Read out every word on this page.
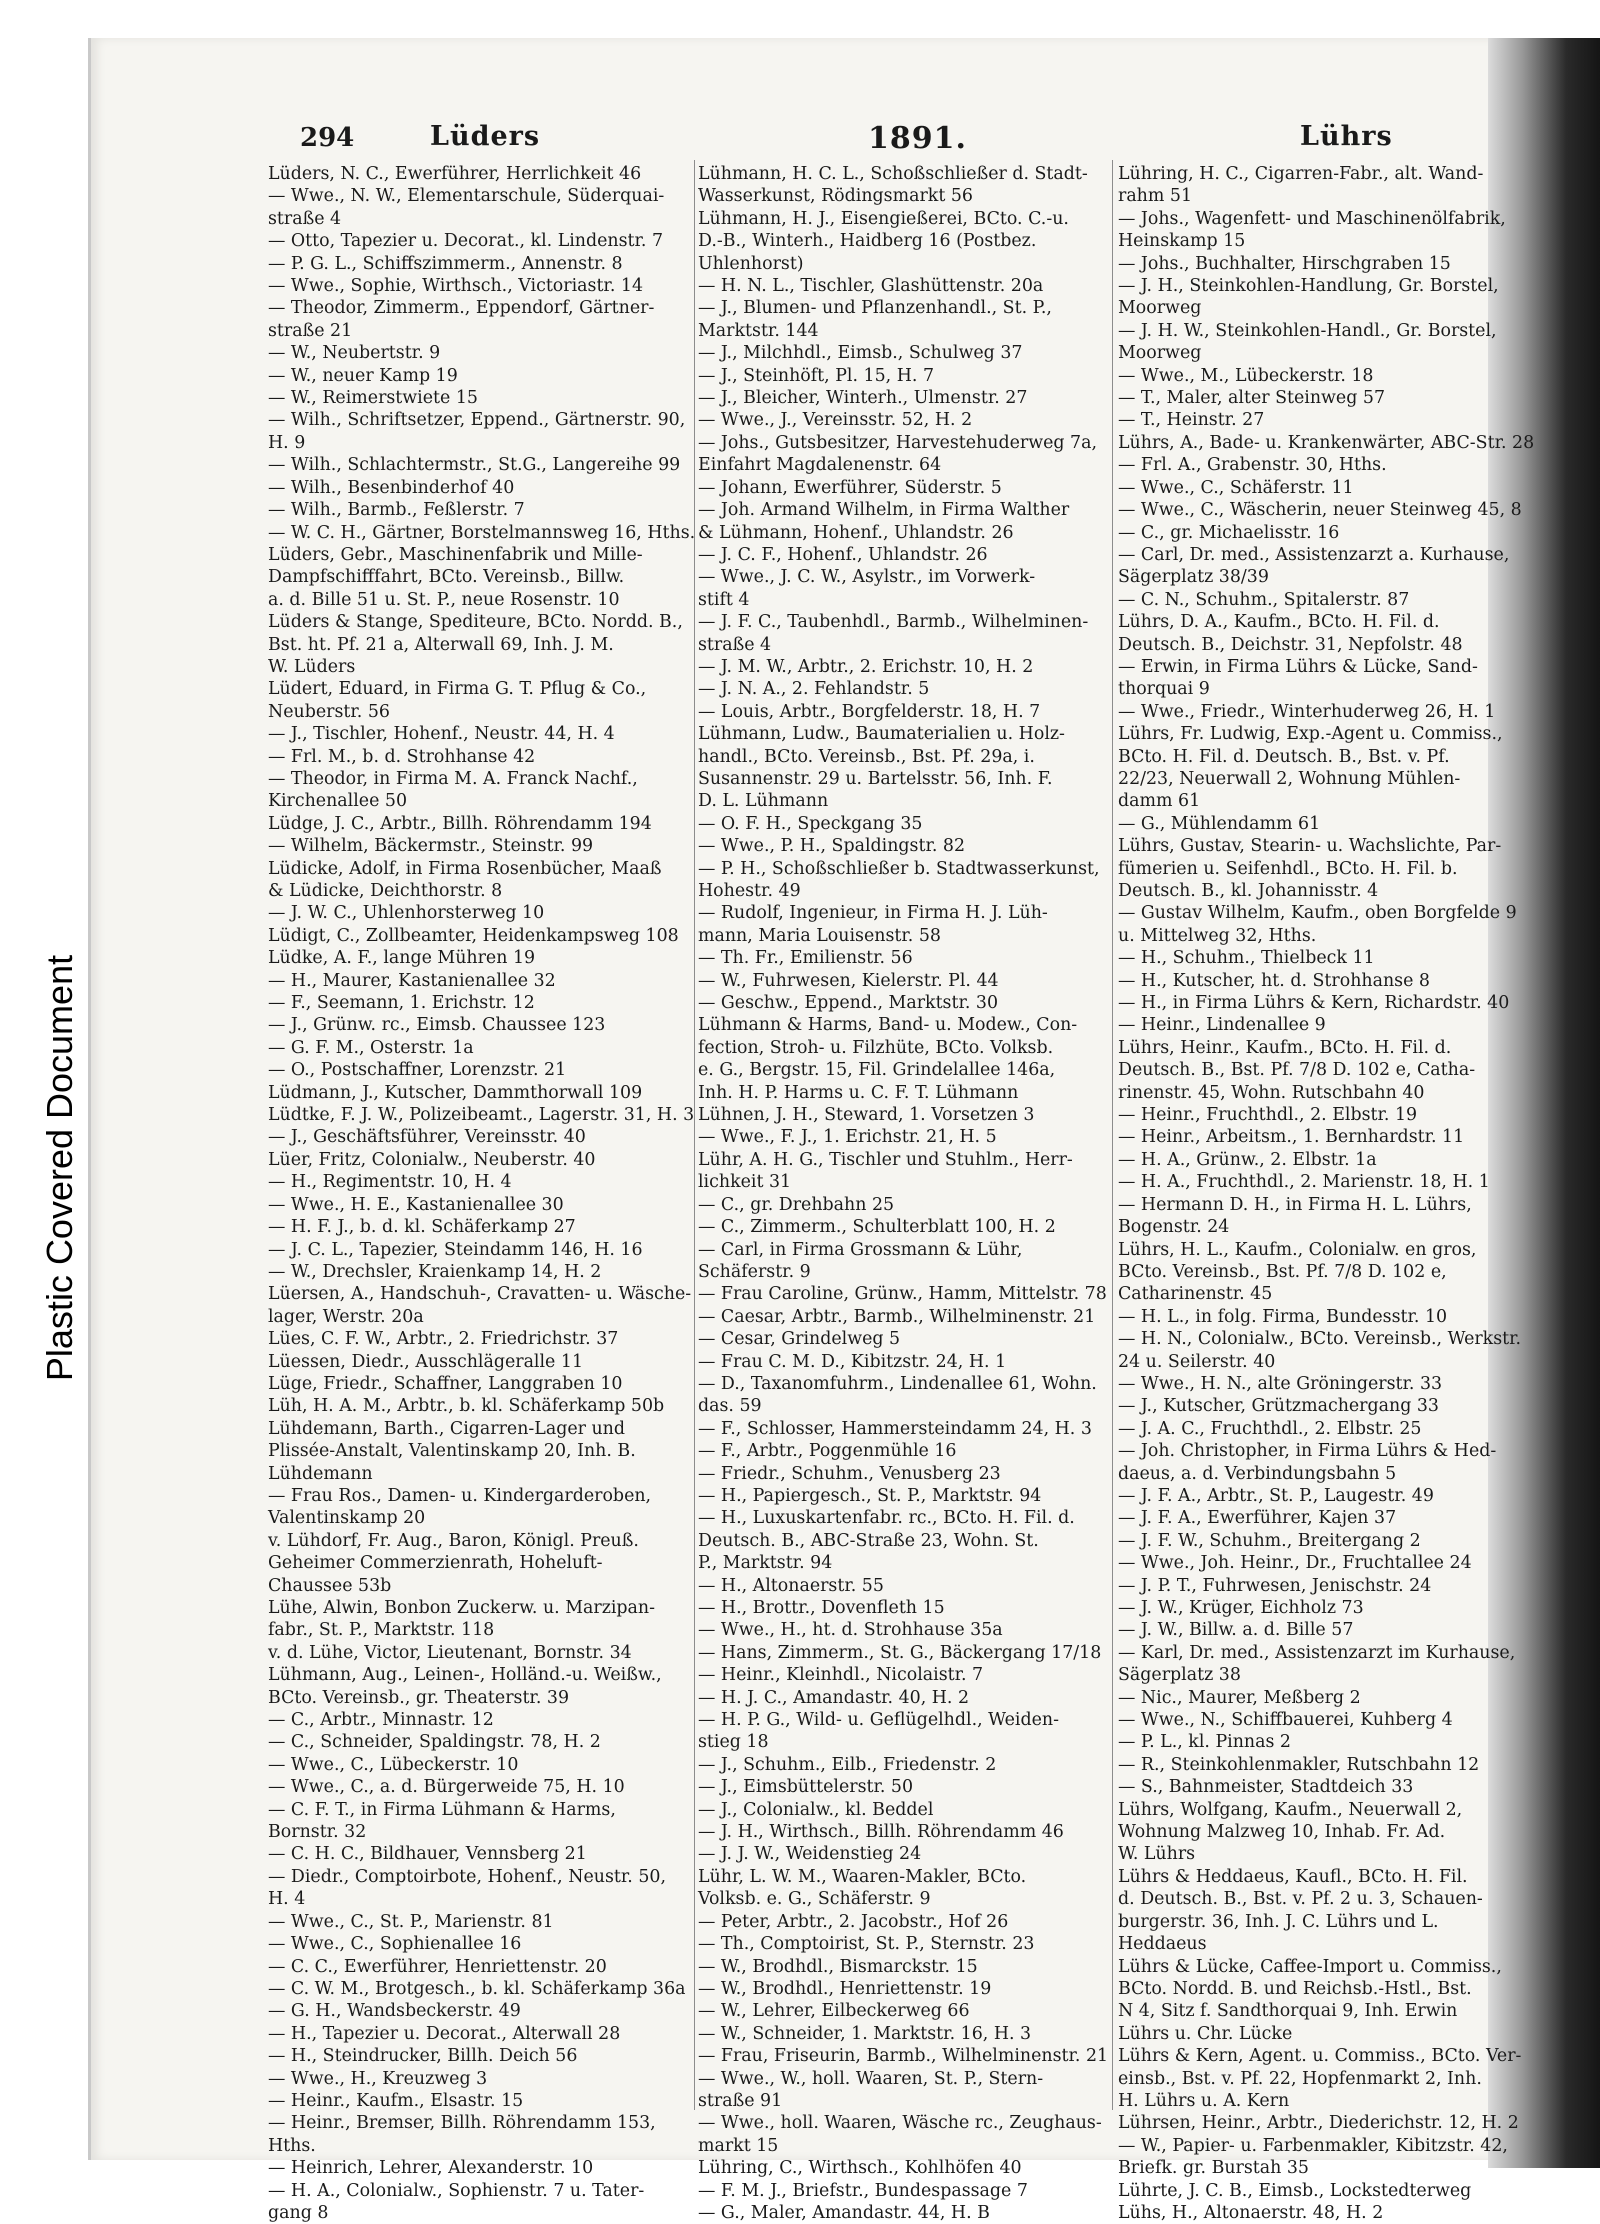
Plastic Covered Document
294	Lüders	1891.	Lührs
Lüders, N. C., Ewerführer, Herrlichkeit 46
— Wwe., N. W., Elementarschule, Süderquai-
straße 4
— Otto, Tapezier u. Decorat., kl. Lindenstr. 7
— P. G. L., Schiffszimmerm., Annenstr. 8
— Wwe., Sophie, Wirthsch., Victoriastr. 14
— Theodor, Zimmerm., Eppendorf, Gärtner-
straße 21
— W., Neubertstr. 9
— W., neuer Kamp 19
— W., Reimerstwiete 15
— Wilh., Schriftsetzer, Eppend., Gärtnerstr. 90,
H. 9
— Wilh., Schlachtermstr., St.G., Langereihe 99
— Wilh., Besenbinderhof 40
— Wilh., Barmb., Feßlerstr. 7
— W. C. H., Gärtner, Borstelmannsweg 16, Hths.
Lüders, Gebr., Maschinenfabrik und Mille-
Dampfschifffahrt, BCto. Vereinsb., Billw.
a. d. Bille 51 u. St. P., neue Rosenstr. 10
Lüders & Stange, Spediteure, BCto. Nordd. B.,
Bst. ht. Pf. 21 a, Alterwall 69, Inh. J. M.
W. Lüders
Lüdert, Eduard, in Firma G. T. Pflug & Co.,
Neuberstr. 56
— J., Tischler, Hohenf., Neustr. 44, H. 4
— Frl. M., b. d. Strohhanse 42
— Theodor, in Firma M. A. Franck Nachf.,
Kirchenallee 50
Lüdge, J. C., Arbtr., Billh. Röhrendamm 194
— Wilhelm, Bäckermstr., Steinstr. 99
Lüdicke, Adolf, in Firma Rosenbücher, Maaß
& Lüdicke, Deichthorstr. 8
— J. W. C., Uhlenhorsterweg 10
Lüdigt, C., Zollbeamter, Heidenkampsweg 108
Lüdke, A. F., lange Mühren 19
— H., Maurer, Kastanienallee 32
— F., Seemann, 1. Erichstr. 12
— J., Grünw. rc., Eimsb. Chaussee 123
— G. F. M., Osterstr. 1a
— O., Postschaffner, Lorenzstr. 21
Lüdmann, J., Kutscher, Dammthorwall 109
Lüdtke, F. J. W., Polizeibeamt., Lagerstr. 31, H. 3
— J., Geschäftsführer, Vereinsstr. 40
Lüer, Fritz, Colonialw., Neuberstr. 40
— H., Regimentstr. 10, H. 4
— Wwe., H. E., Kastanienallee 30
— H. F. J., b. d. kl. Schäferkamp 27
— J. C. L., Tapezier, Steindamm 146, H. 16
— W., Drechsler, Kraienkamp 14, H. 2
Lüersen, A., Handschuh-, Cravatten- u. Wäsche-
lager, Werstr. 20a
Lües, C. F. W., Arbtr., 2. Friedrichstr. 37
Lüessen, Diedr., Ausschlägeralle 11
Lüge, Friedr., Schaffner, Langgraben 10
Lüh, H. A. M., Arbtr., b. kl. Schäferkamp 50b
Lühdemann, Barth., Cigarren-Lager und
Plissée-Anstalt, Valentinskamp 20, Inh. B.
Lühdemann
— Frau Ros., Damen- u. Kindergarderoben,
Valentinskamp 20
v. Lühdorf, Fr. Aug., Baron, Königl. Preuß.
Geheimer Commerzienrath, Hoheluft-
Chaussee 53b
Lühe, Alwin, Bonbon Zuckerw. u. Marzipan-
fabr., St. P., Marktstr. 118
v. d. Lühe, Victor, Lieutenant, Bornstr. 34
Lühmann, Aug., Leinen-, Holländ.-u. Weißw.,
BCto. Vereinsb., gr. Theaterstr. 39
— C., Arbtr., Minnastr. 12
— C., Schneider, Spaldingstr. 78, H. 2
— Wwe., C., Lübeckerstr. 10
— Wwe., C., a. d. Bürgerweide 75, H. 10
— C. F. T., in Firma Lühmann & Harms,
Bornstr. 32
— C. H. C., Bildhauer, Vennsberg 21
— Diedr., Comptoirbote, Hohenf., Neustr. 50,
H. 4
— Wwe., C., St. P., Marienstr. 81
— Wwe., C., Sophienallee 16
— C. C., Ewerführer, Henriettenstr. 20
— C. W. M., Brotgesch., b. kl. Schäferkamp 36a
— G. H., Wandsbeckerstr. 49
— H., Tapezier u. Decorat., Alterwall 28
— H., Steindrucker, Billh. Deich 56
— Wwe., H., Kreuzweg 3
— Heinr., Kaufm., Elsastr. 15
— Heinr., Bremser, Billh. Röhrendamm 153,
Hths.
— Heinrich, Lehrer, Alexanderstr. 10
— H. A., Colonialw., Sophienstr. 7 u. Tater-
gang 8
Lühmann, H. C. L., Schoßschließer d. Stadt-
Wasserkunst, Rödingsmarkt 56
Lühmann, H. J., Eisengießerei, BCto. C.-u.
D.-B., Winterh., Haidberg 16 (Postbez.
Uhlenhorst)
— H. N. L., Tischler, Glashüttenstr. 20a
— J., Blumen- und Pflanzenhandl., St. P.,
Marktstr. 144
— J., Milchhdl., Eimsb., Schulweg 37
— J., Steinhöft, Pl. 15, H. 7
— J., Bleicher, Winterh., Ulmenstr. 27
— Wwe., J., Vereinsstr. 52, H. 2
— Johs., Gutsbesitzer, Harvestehuderweg 7a,
Einfahrt Magdalenenstr. 64
— Johann, Ewerführer, Süderstr. 5
— Joh. Armand Wilhelm, in Firma Walther
& Lühmann, Hohenf., Uhlandstr. 26
— J. C. F., Hohenf., Uhlandstr. 26
— Wwe., J. C. W., Asylstr., im Vorwerk-
stift 4
— J. F. C., Taubenhdl., Barmb., Wilhelminen-
straße 4
— J. M. W., Arbtr., 2. Erichstr. 10, H. 2
— J. N. A., 2. Fehlandstr. 5
— Louis, Arbtr., Borgfelderstr. 18, H. 7
Lühmann, Ludw., Baumaterialien u. Holz-
handl., BCto. Vereinsb., Bst. Pf. 29a, i.
Susannenstr. 29 u. Bartelsstr. 56, Inh. F.
D. L. Lühmann
— O. F. H., Speckgang 35
— Wwe., P. H., Spaldingstr. 82
— P. H., Schoßschließer b. Stadtwasserkunst,
Hohestr. 49
— Rudolf, Ingenieur, in Firma H. J. Lüh-
mann, Maria Louisenstr. 58
— Th. Fr., Emilienstr. 56
— W., Fuhrwesen, Kielerstr. Pl. 44
— Geschw., Eppend., Marktstr. 30
Lühmann & Harms, Band- u. Modew., Con-
fection, Stroh- u. Filzhüte, BCto. Volksb.
e. G., Bergstr. 15, Fil. Grindelallee 146a,
Inh. H. P. Harms u. C. F. T. Lühmann
Lühnen, J. H., Steward, 1. Vorsetzen 3
— Wwe., F. J., 1. Erichstr. 21, H. 5
Lühr, A. H. G., Tischler und Stuhlm., Herr-
lichkeit 31
— C., gr. Drehbahn 25
— C., Zimmerm., Schulterblatt 100, H. 2
— Carl, in Firma Grossmann & Lühr,
Schäferstr. 9
— Frau Caroline, Grünw., Hamm, Mittelstr. 78
— Caesar, Arbtr., Barmb., Wilhelminenstr. 21
— Cesar, Grindelweg 5
— Frau C. M. D., Kibitzstr. 24, H. 1
— D., Taxanomfuhrm., Lindenallee 61, Wohn.
das. 59
— F., Schlosser, Hammersteindamm 24, H. 3
— F., Arbtr., Poggenmühle 16
— Friedr., Schuhm., Venusberg 23
— H., Papiergesch., St. P., Marktstr. 94
— H., Luxuskartenfabr. rc., BCto. H. Fil. d.
Deutsch. B., ABC-Straße 23, Wohn. St.
P., Marktstr. 94
— H., Altonaerstr. 55
— H., Brottr., Dovenfleth 15
— Wwe., H., ht. d. Strohhause 35a
— Hans, Zimmerm., St. G., Bäckergang 17/18
— Heinr., Kleinhdl., Nicolaistr. 7
— H. J. C., Amandastr. 40, H. 2
— H. P. G., Wild- u. Geflügelhdl., Weiden-
stieg 18
— J., Schuhm., Eilb., Friedenstr. 2
— J., Eimsbüttelerstr. 50
— J., Colonialw., kl. Beddel
— J. H., Wirthsch., Billh. Röhrendamm 46
— J. J. W., Weidenstieg 24
Lühr, L. W. M., Waaren-Makler, BCto.
Volksb. e. G., Schäferstr. 9
— Peter, Arbtr., 2. Jacobstr., Hof 26
— Th., Comptoirist, St. P., Sternstr. 23
— W., Brodhdl., Bismarckstr. 15
— W., Brodhdl., Henriettenstr. 19
— W., Lehrer, Eilbeckerweg 66
— W., Schneider, 1. Marktstr. 16, H. 3
— Frau, Friseurin, Barmb., Wilhelminenstr. 21
— Wwe., W., holl. Waaren, St. P., Stern-
straße 91
— Wwe., holl. Waaren, Wäsche rc., Zeughaus-
markt 15
Lühring, C., Wirthsch., Kohlhöfen 40
— F. M. J., Briefstr., Bundespassage 7
— G., Maler, Amandastr. 44, H. B
Lühring, H. C., Cigarren-Fabr., alt. Wand-
rahm 51
— Johs., Wagenfett- und Maschinenölfabrik,
Heinskamp 15
— Johs., Buchhalter, Hirschgraben 15
— J. H., Steinkohlen-Handlung, Gr. Borstel,
Moorweg
— J. H. W., Steinkohlen-Handl., Gr. Borstel,
Moorweg
— Wwe., M., Lübeckerstr. 18
— T., Maler, alter Steinweg 57
— T., Heinstr. 27
Lührs, A., Bade- u. Krankenwärter, ABC-Str. 28
— Frl. A., Grabenstr. 30, Hths.
— Wwe., C., Schäferstr. 11
— Wwe., C., Wäscherin, neuer Steinweg 45, 8
— C., gr. Michaelisstr. 16
— Carl, Dr. med., Assistenzarzt a. Kurhause,
Sägerplatz 38/39
— C. N., Schuhm., Spitalerstr. 87
Lührs, D. A., Kaufm., BCto. H. Fil. d.
Deutsch. B., Deichstr. 31, Nepfolstr. 48
— Erwin, in Firma Lührs & Lücke, Sand-
thorquai 9
— Wwe., Friedr., Winterhuderweg 26, H. 1
Lührs, Fr. Ludwig, Exp.-Agent u. Commiss.,
BCto. H. Fil. d. Deutsch. B., Bst. v. Pf.
22/23, Neuerwall 2, Wohnung Mühlen-
damm 61
— G., Mühlendamm 61
Lührs, Gustav, Stearin- u. Wachslichte, Par-
fümerien u. Seifenhdl., BCto. H. Fil. b.
Deutsch. B., kl. Johannisstr. 4
— Gustav Wilhelm, Kaufm., oben Borgfelde 9
u. Mittelweg 32, Hths.
— H., Schuhm., Thielbeck 11
— H., Kutscher, ht. d. Strohhanse 8
— H., in Firma Lührs & Kern, Richardstr. 40
— Heinr., Lindenallee 9
Lührs, Heinr., Kaufm., BCto. H. Fil. d.
Deutsch. B., Bst. Pf. 7/8 D. 102 e, Catha-
rinenstr. 45, Wohn. Rutschbahn 40
— Heinr., Fruchthdl., 2. Elbstr. 19
— Heinr., Arbeitsm., 1. Bernhardstr. 11
— H. A., Grünw., 2. Elbstr. 1a
— H. A., Fruchthdl., 2. Marienstr. 18, H. 1
— Hermann D. H., in Firma H. L. Lührs,
Bogenstr. 24
Lührs, H. L., Kaufm., Colonialw. en gros,
BCto. Vereinsb., Bst. Pf. 7/8 D. 102 e,
Catharinenstr. 45
— H. L., in folg. Firma, Bundesstr. 10
— H. N., Colonialw., BCto. Vereinsb., Werkstr.
24 u. Seilerstr. 40
— Wwe., H. N., alte Gröningerstr. 33
— J., Kutscher, Grützmachergang 33
— J. A. C., Fruchthdl., 2. Elbstr. 25
— Joh. Christopher, in Firma Lührs & Hed-
daeus, a. d. Verbindungsbahn 5
— J. F. A., Arbtr., St. P., Laugestr. 49
— J. F. A., Ewerführer, Kajen 37
— J. F. W., Schuhm., Breitergang 2
— Wwe., Joh. Heinr., Dr., Fruchtallee 24
— J. P. T., Fuhrwesen, Jenischstr. 24
— J. W., Krüger, Eichholz 73
— J. W., Billw. a. d. Bille 57
— Karl, Dr. med., Assistenzarzt im Kurhause,
Sägerplatz 38
— Nic., Maurer, Meßberg 2
— Wwe., N., Schiffbauerei, Kuhberg 4
— P. L., kl. Pinnas 2
— R., Steinkohlenmakler, Rutschbahn 12
— S., Bahnmeister, Stadtdeich 33
Lührs, Wolfgang, Kaufm., Neuerwall 2,
Wohnung Malzweg 10, Inhab. Fr. Ad.
W. Lührs
Lührs & Heddaeus, Kaufl., BCto. H. Fil.
d. Deutsch. B., Bst. v. Pf. 2 u. 3, Schauen-
burgerstr. 36, Inh. J. C. Lührs und L.
Heddaeus
Lührs & Lücke, Caffee-Import u. Commiss.,
BCto. Nordd. B. und Reichsb.-Hstl., Bst.
N 4, Sitz f. Sandthorquai 9, Inh. Erwin
Lührs u. Chr. Lücke
Lührs & Kern, Agent. u. Commiss., BCto. Ver-
einsb., Bst. v. Pf. 22, Hopfenmarkt 2, Inh.
H. Lührs u. A. Kern
Lührsen, Heinr., Arbtr., Diederichstr. 12, H. 2
— W., Papier- u. Farbenmakler, Kibitzstr. 42,
Briefk. gr. Burstah 35
Lührte, J. C. B., Eimsb., Lockstedterweg
Lühs, H., Altonaerstr. 48, H. 2
